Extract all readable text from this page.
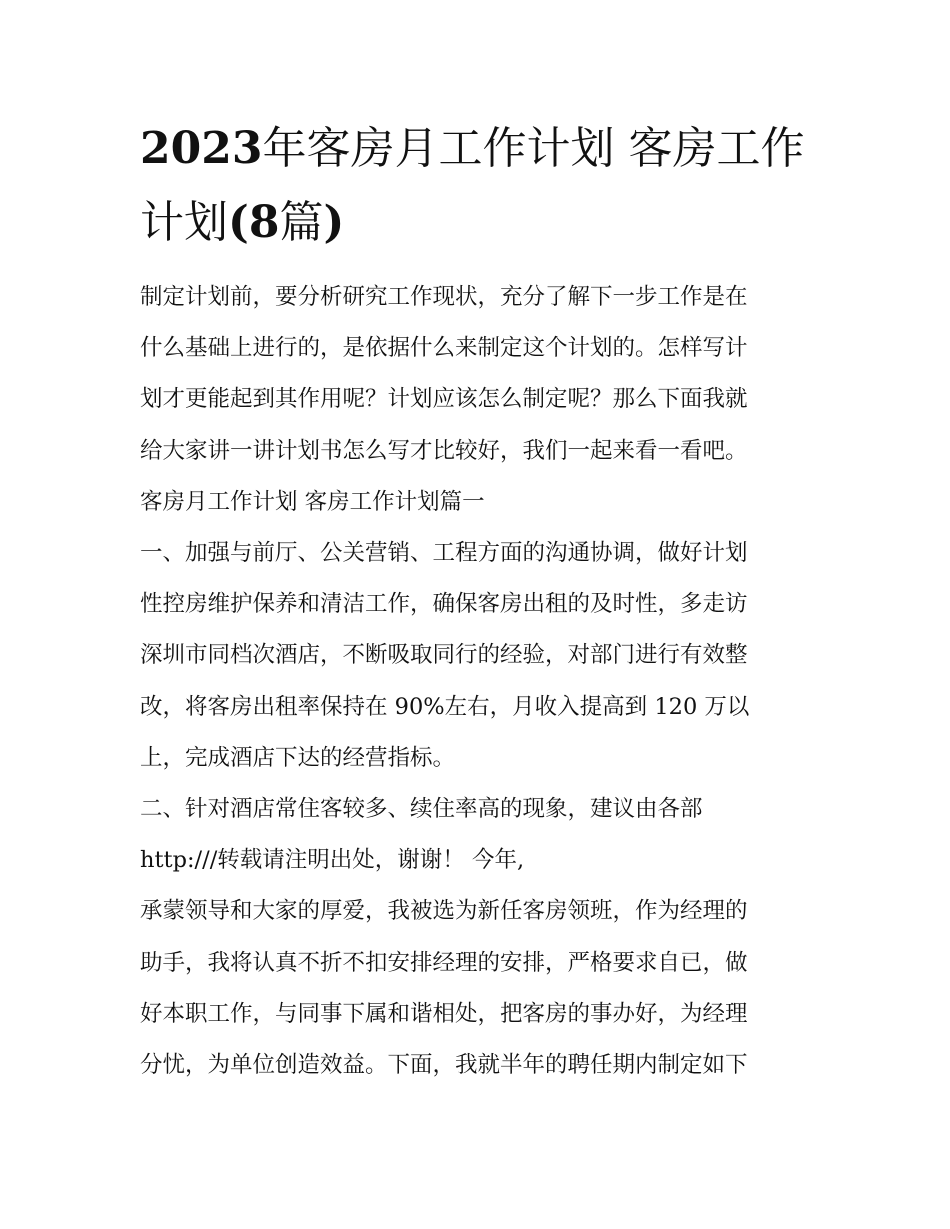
2023年客房月工作计划 客房工作计划(8篇)

制定计划前，要分析研究工作现状，充分了解下一步工作是在
什么基础上进行的，是依据什么来制定这个计划的。怎样写计
划才更能起到其作用呢？计划应该怎么制定呢？那么下面我就
给大家讲一讲计划书怎么写才比较好，我们一起来看一看吧。

客房月工作计划 客房工作计划篇一

一、加强与前厅、公关营销、工程方面的沟通协调，做好计划
性控房维护保养和清洁工作，确保客房出租的及时性，多走访
深圳市同档次酒店，不断吸取同行的经验，对部门进行有效整
改，将客房出租率保持在 90%左右，月收入提高到 120 万以
上，完成酒店下达的经营指标。

二、针对酒店常住客较多、续住率高的现象，建议由各部

http:///转载请注明出处，谢谢！ 今年,

承蒙领导和大家的厚爱，我被选为新任客房领班，作为经理的
助手，我将认真不折不扣安排经理的安排，严格要求自已，做
好本职工作，与同事下属和谐相处，把客房的事办好，为经理
分忧，为单位创造效益。下面，我就半年的聘任期内制定如下
